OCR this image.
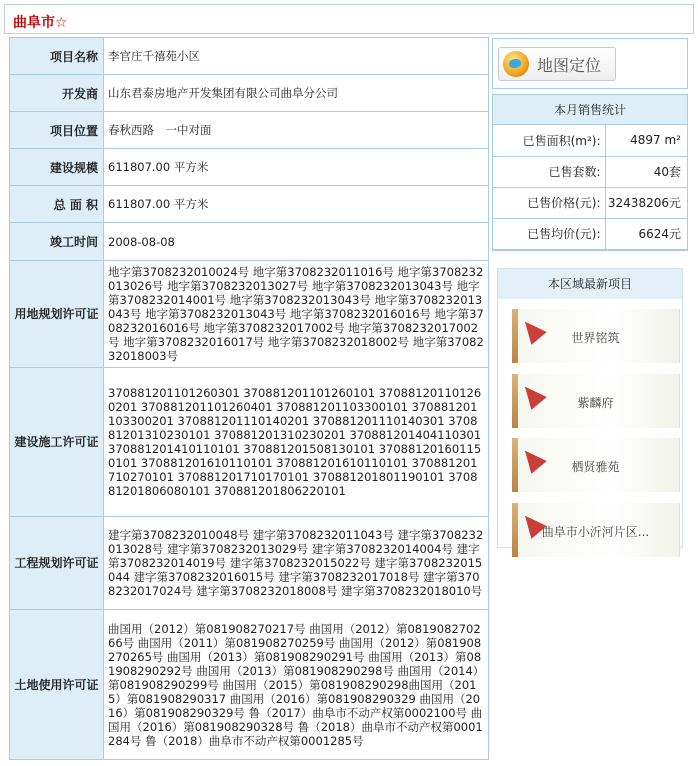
曲阜市☆
项目名称	李官庄千禧苑小区
开发商	山东君泰房地产开发集团有限公司曲阜分公司
项目位置	春秋西路　一中对面
建设规模	611807.00 平方米
总 面 积	611807.00 平方米
竣工时间	2008-08-08
用地规划许可证	地字第3708232010024号 地字第3708232011016号 地字第3708232013026号 地字第3708232013027号 地字第3708232013043号 地字第3708232014001号 地字第3708232013043号 地字第3708232013043号 地字第3708232013043号 地字第3708232016016号 地字第3708232016016号 地字第3708232017002号 地字第3708232017002号 地字第3708232016017号 地字第3708232018002号 地字第3708232018003号
建设施工许可证	370881201101260301 370881201101260101 370881201101260201 370881201101260401 370881201103300101 370881201103300201 370881201110140201 370881201110140301 370881201310230101 370881201310230201 370881201404110301 370881201410110101 370881201508130101 370881201601150101 370881201610110101 370881201610110101 370881201710270101 370881201710170101 370881201801190101 370881201806080101 370881201806220101
工程规划许可证	建字第3708232010048号 建字第3708232011043号 建字第3708232013028号 建字第3708232013029号 建字第3708232014004号 建字第3708232014019号 建字第3708232015022号 建字第3708232015044 建字第3708232016015号 建字第3708232017018号 建字第3708232017024号 建字第3708232018008号 建字第3708232018010号
土地使用许可证	曲国用（2012）第081908270217号 曲国用（2012）第081908270266号 曲国用（2011）第081908270259号 曲国用（2012）第081908270265号 曲国用（2013）第081908290291号 曲国用（2013）第0819082902​92号 曲国用（2013）第081908290298号 曲国用（2014）第081908290299号 曲国用（2015）第081908290298曲国用（2015）第081908290317 曲国用（2016）第081908290329 曲国用（2016）第081908290329号 鲁（2017）曲阜市不动产权第0002100号 曲国用（2016）第081908290328号 鲁（2018）曲阜市不动产权第0001284号 鲁（2018）曲阜市不动产权第0001285号
地图定位
本月销售统计
已售面积(m²):	4897 m²
已售套数:	40套
已售价格(元):	32438206元
已售均价(元):	6624元
本区域最新项目
世界铭筑
紫麟府
栖贤雅苑
曲阜市小沂河片区...
